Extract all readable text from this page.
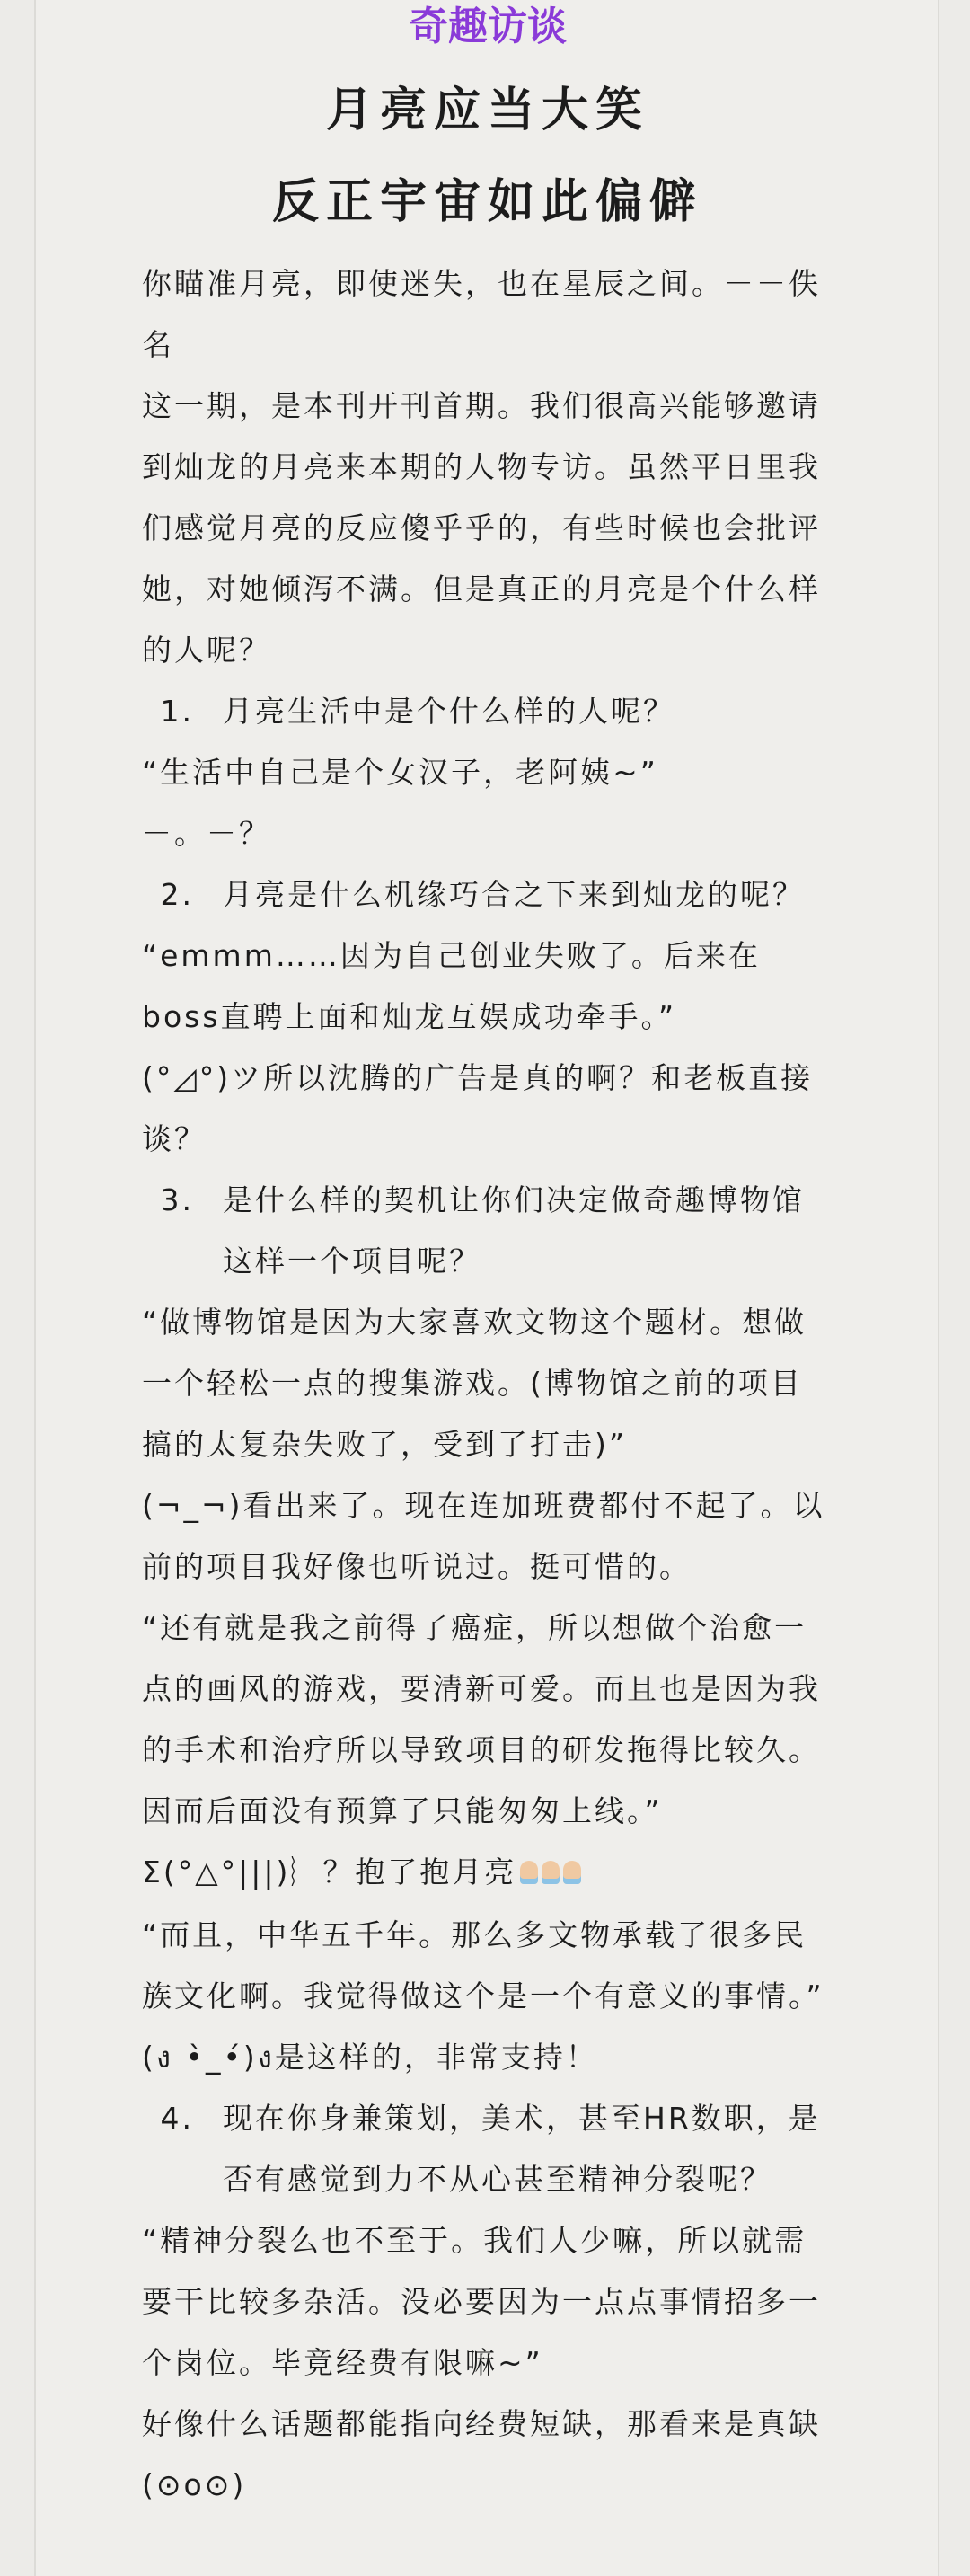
奇趣访谈
月亮应当大笑
反正宇宙如此偏僻
你瞄准月亮，即使迷失，也在星辰之间。－－佚名
这一期，是本刊开刊首期。我们很高兴能够邀请到灿龙的月亮来本期的人物专访。虽然平日里我们感觉月亮的反应傻乎乎的，有些时候也会批评她，对她倾泻不满。但是真正的月亮是个什么样的人呢？
1. 月亮生活中是个什么样的人呢？
“生活中自己是个女汉子，老阿姨~”
－。－？
2. 月亮是什么机缘巧合之下来到灿龙的呢？
“emmm……因为自己创业失败了。后来在boss直聘上面和灿龙互娱成功牵手。”
(°◿°)ツ所以沈腾的广告是真的啊？和老板直接谈？
3. 是什么样的契机让你们决定做奇趣博物馆这样一个项目呢？
“做博物馆是因为大家喜欢文物这个题材。想做一个轻松一点的搜集游戏。(博物馆之前的项目搞的太复杂失败了，受到了打击)”
(¬_¬)看出来了。现在连加班费都付不起了。以前的项目我好像也听说过。挺可惜的。
“还有就是我之前得了癌症，所以想做个治愈一点的画风的游戏，要清新可爱。而且也是因为我的手术和治疗所以导致项目的研发拖得比较久。因而后面没有预算了只能匆匆上线。”
Σ(°△°|||)︴？抱了抱月亮
“而且，中华五千年。那么多文物承载了很多民族文化啊。我觉得做这个是一个有意义的事情。”
(ง •̀_•́)ง是这样的，非常支持！
4. 现在你身兼策划，美术，甚至HR数职，是否有感觉到力不从心甚至精神分裂呢？
“精神分裂么也不至于。我们人少嘛，所以就需要干比较多杂活。没必要因为一点点事情招多一个岗位。毕竟经费有限嘛~”
好像什么话题都能指向经费短缺，那看来是真缺(⊙o⊙)
